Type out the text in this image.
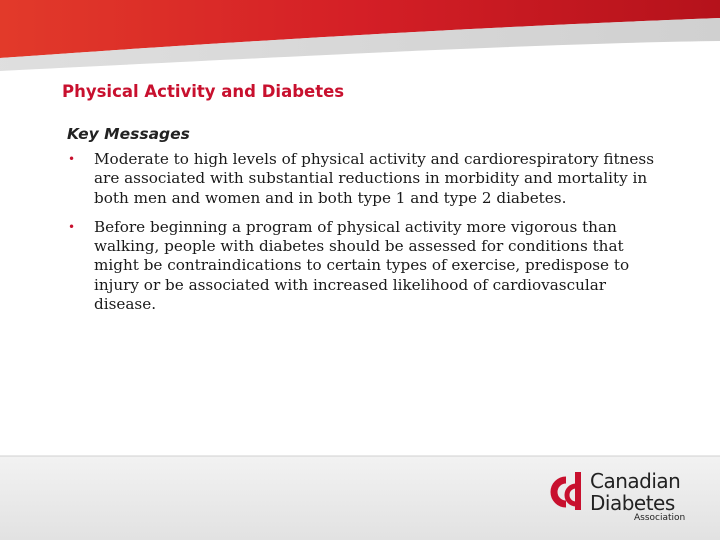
Physical Activity and Diabetes
Key Messages
• Moderate to high levels of physical activity and cardiorespiratory fitness are associated with substantial reductions in morbidity and mortality in both men and women and in both type 1 and type 2 diabetes.
• Before beginning a program of physical activity more vigorous than walking, people with diabetes should be assessed for conditions that might be contraindications to certain types of exercise, predispose to injury or be associated with increased likelihood of cardiovascular disease.
Canadian
Diabetes
Association
